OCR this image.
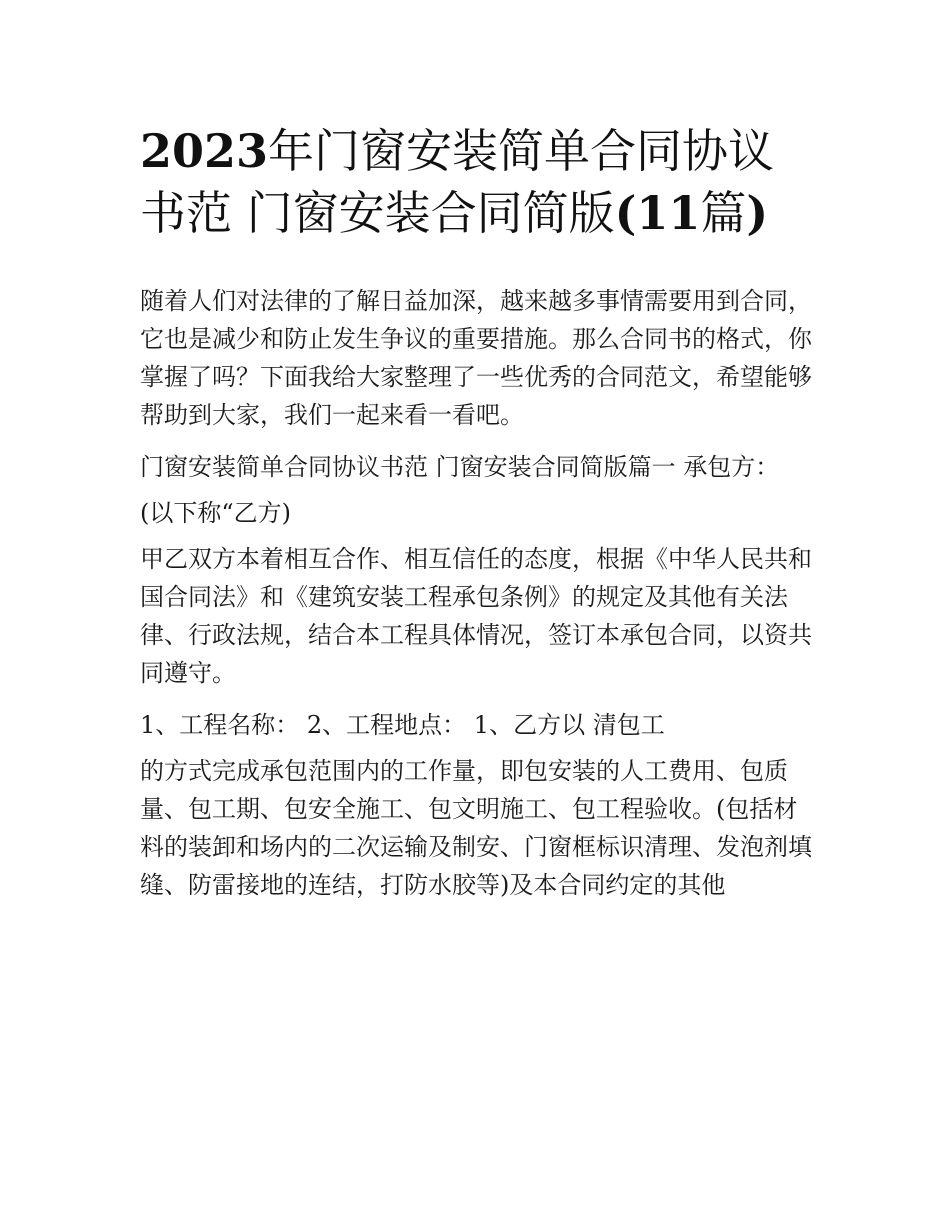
2023年门窗安装简单合同协议
书范 门窗安装合同简版(11篇)

随着人们对法律的了解日益加深，越来越多事情需要用到合同，它也是减少和防止发生争议的重要措施。那么合同书的格式，你掌握了吗？下面我给大家整理了一些优秀的合同范文，希望能够帮助到大家，我们一起来看一看吧。

门窗安装简单合同协议书范 门窗安装合同简版篇一 承包方：

(以下称“乙方)

甲乙双方本着相互合作、相互信任的态度，根据《中华人民共和国合同法》和《建筑安装工程承包条例》的规定及其他有关法律、行政法规，结合本工程具体情况，签订本承包合同，以资共同遵守。

1、工程名称： 2、工程地点： 1、乙方以 清包工

的方式完成承包范围内的工作量，即包安装的人工费用、包质量、包工期、包安全施工、包文明施工、包工程验收。(包括材料的装卸和场内的二次运输及制安、门窗框标识清理、发泡剂填缝、防雷接地的连结，打防水胶等)及本合同约定的其他
